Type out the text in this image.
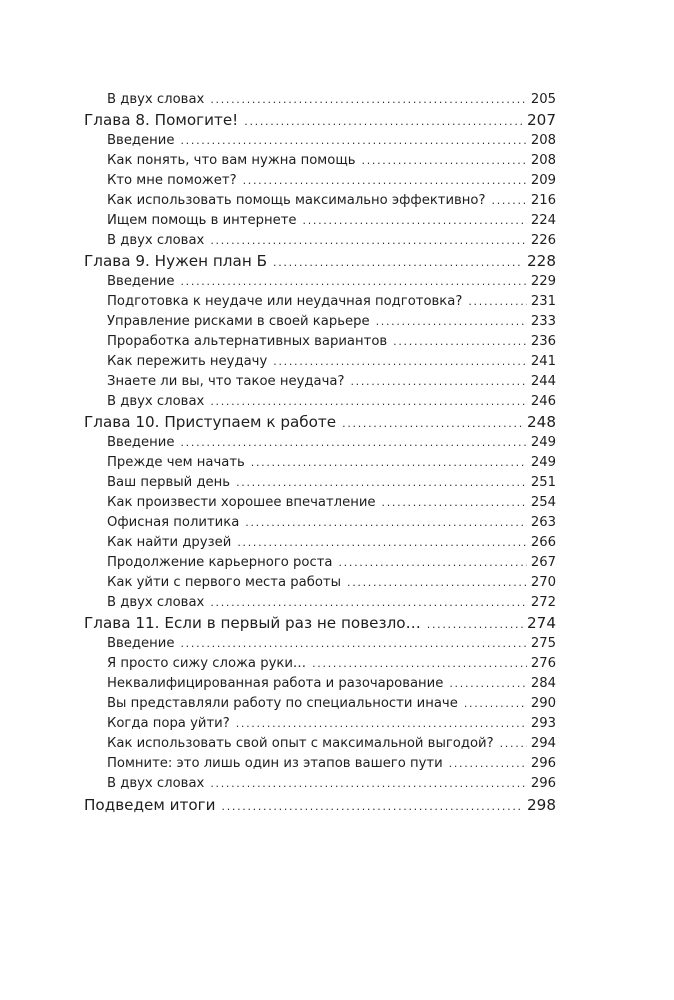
В двух словах . . .	205
Глава 8. Помогите! . . .	207
Введение . . .	208
Как понять, что вам нужна помощь . . .	208
Кто мне поможет? . . .	209
Как использовать помощь максимально эффективно? . . .	216
Ищем помощь в интернете . . .	224
В двух словах . . .	226
Глава 9. Нужен план Б . . .	228
Введение . . .	229
Подготовка к неудаче или неудачная подготовка? . . .	231
Управление рисками в своей карьере . . .	233
Проработка альтернативных вариантов . . .	236
Как пережить неудачу . . .	241
Знаете ли вы, что такое неудача? . . .	244
В двух словах . . .	246
Глава 10. Приступаем к работе . . .	248
Введение . . .	249
Прежде чем начать . . .	249
Ваш первый день . . .	251
Как произвести хорошее впечатление . . .	254
Офисная политика . . .	263
Как найти друзей . . .	266
Продолжение карьерного роста . . .	267
Как уйти с первого места работы . . .	270
В двух словах . . .	272
Глава 11. Если в первый раз не повезло… . . .	274
Введение . . .	275
Я просто сижу сложа руки… . . .	276
Неквалифицированная работа и разочарование . . .	284
Вы представляли работу по специальности иначе . . .	290
Когда пора уйти? . . .	293
Как использовать свой опыт с максимальной выгодой? . . .	294
Помните: это лишь один из этапов вашего пути . . .	296
В двух словах . . .	296
Подведем итоги . . .	298
